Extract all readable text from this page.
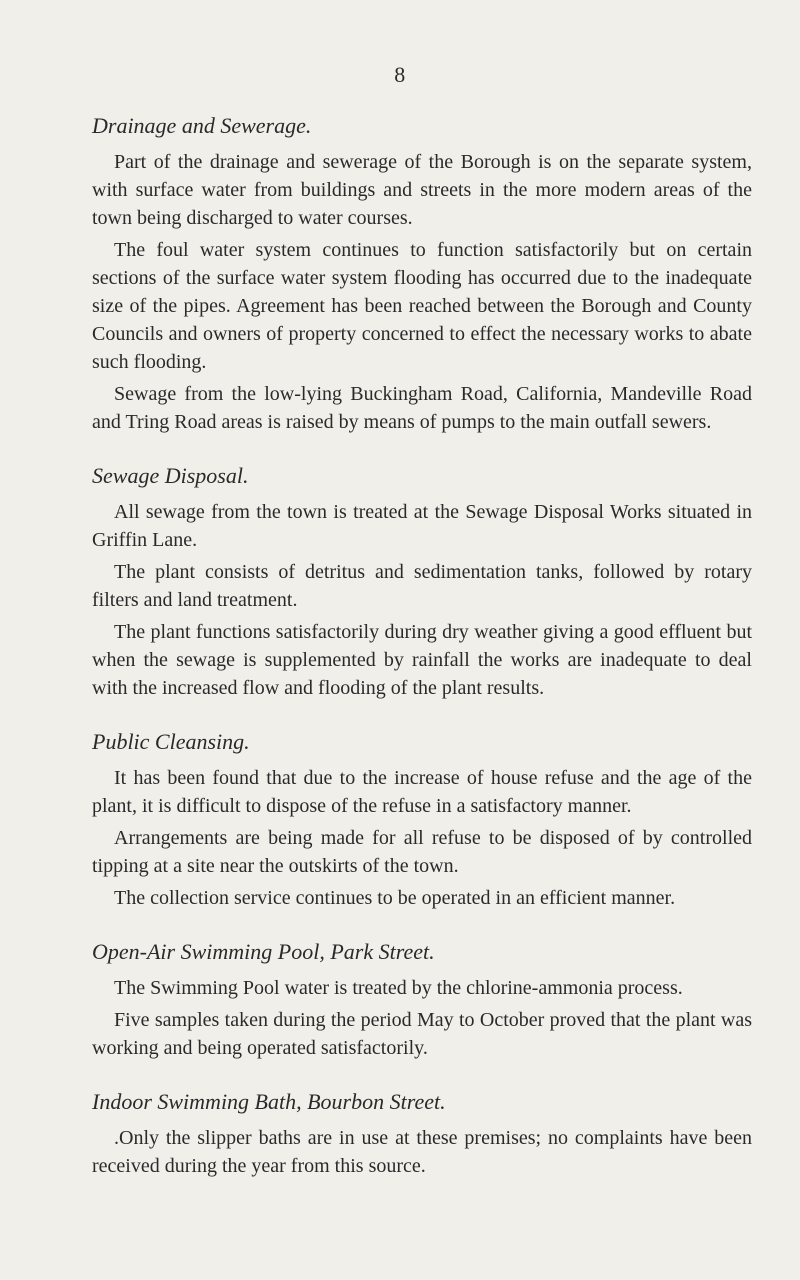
8
Drainage and Sewerage.

Part of the drainage and sewerage of the Borough is on the separate system, with surface water from buildings and streets in the more modern areas of the town being discharged to water courses.

The foul water system continues to function satisfactorily but on certain sections of the surface water system flooding has occurred due to the inadequate size of the pipes. Agreement has been reached between the Borough and County Councils and owners of property concerned to effect the necessary works to abate such flooding.

Sewage from the low-lying Buckingham Road, California, Mandeville Road and Tring Road areas is raised by means of pumps to the main outfall sewers.

Sewage Disposal.

All sewage from the town is treated at the Sewage Disposal Works situated in Griffin Lane.

The plant consists of detritus and sedimentation tanks, followed by rotary filters and land treatment.

The plant functions satisfactorily during dry weather giving a good effluent but when the sewage is supplemented by rainfall the works are inadequate to deal with the increased flow and flooding of the plant results.

Public Cleansing.

It has been found that due to the increase of house refuse and the age of the plant, it is difficult to dispose of the refuse in a satisfactory manner.

Arrangements are being made for all refuse to be disposed of by controlled tipping at a site near the outskirts of the town.

The collection service continues to be operated in an efficient manner.

Open-Air Swimming Pool, Park Street.

The Swimming Pool water is treated by the chlorine-ammonia process.

Five samples taken during the period May to October proved that the plant was working and being operated satisfactorily.

Indoor Swimming Bath, Bourbon Street.

.Only the slipper baths are in use at these premises; no complaints have been received during the year from this source.
